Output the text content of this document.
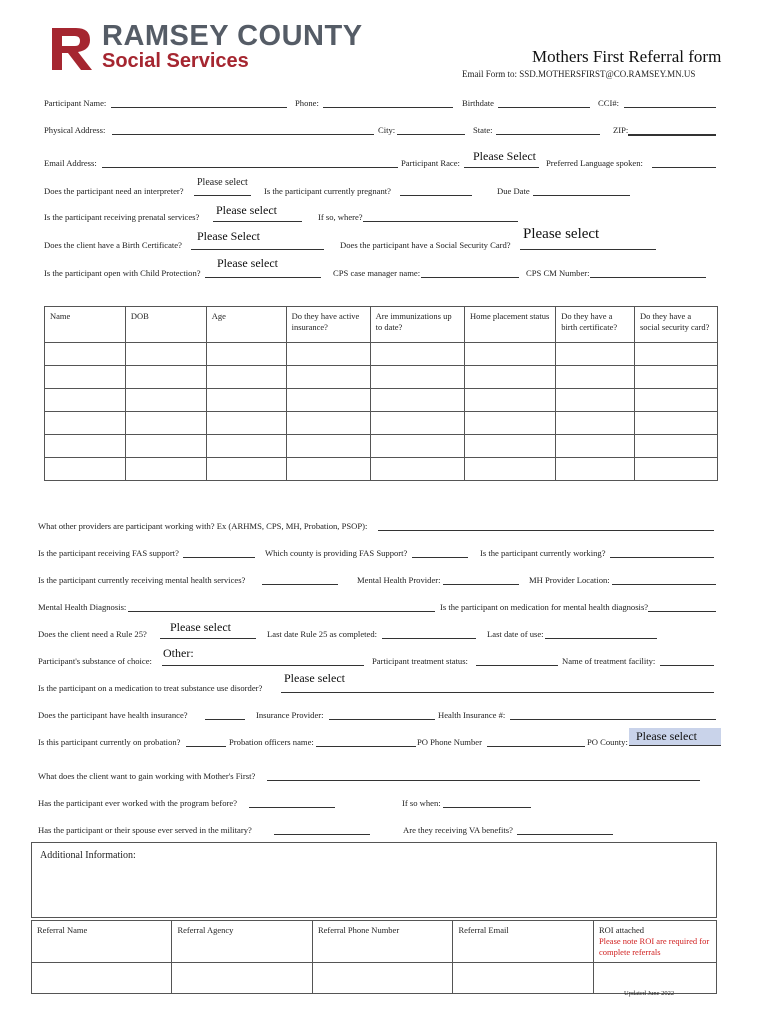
RAMSEY COUNTY
Social Services	Mothers First Referral form
Email Form to: SSD.MOTHERSFIRST@CO.RAMSEY.MN.US
Participant Name:	Phone:	Birthdate	CCI#:
Physical Address:	City:	State:	ZIP:
Email Address:	Participant Race: Please Select Preferred Language spoken:
Does the participant need an interpreter?
Please select
Is the participant currently pregnant?	Due Date
Is the participant receiving prenatal services? Please select	If so, where?
Does the client have a Birth Certificate?
Please Select
Does the participant have a Social Security Card?
Please select
Is the participant open with Child Protection?
Please select
CPS case manager name:	CPS CM Number:
Name	DOB	Age	Do they have active insurance?	Are immunizations up to date?	Home placement status	Do they have a birth certificate?	Do they have a social security card?

What other providers are participant working with? Ex (ARHMS, CPS, MH, Probation, PSOP):
Is the participant receiving FAS support?	Which county is providing FAS Support?	Is the participant currently working?
Is the participant currently receiving mental health services?	Mental Health Provider:	MH Provider Location:
Mental Health Diagnosis:	Is the participant on medication for mental health diagnosis?
Does the client need a Rule 25? Please select	Last date Rule 25 as completed:	Last date of use:
Participant's substance of choice:
Other:
Participant treatment status:	Name of treatment facility:
Is the participant on a medication to treat substance use disorder?
Please select
Does the participant have health insurance?	Insurance Provider:	Health Insurance #:
Is this participant currently on probation?	Probation officers name:	PO Phone Number	PO County: Please select
What does the client want to gain working with Mother's First?
Has the participant ever worked with the program before?	If so when:
Has the participant or their spouse ever served in the military?	Are they receiving VA benefits?
Additional Information:
Referral Name	Referral Agency	Referral Phone Number	Referral Email	ROI attached
Please note ROI are required for complete referrals

Updated June 2022
